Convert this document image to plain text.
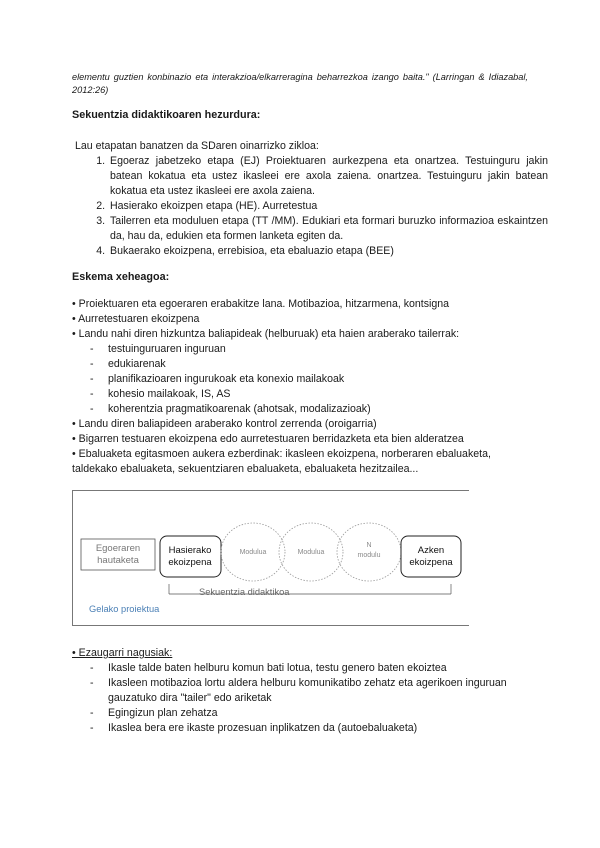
elementu guztien konbinazio eta interakzioa/elkarreragina beharrezkoa izango baita." (Larringan & Idiazabal, 2012:26)
Sekuentzia didaktikoaren hezurdura:
Lau etapatan banatzen da SDaren oinarrizko zikloa:
1. Egoeraz jabetzeko etapa (EJ) Proiektuaren aurkezpena eta onartzea. Testuinguru jakin batean kokatua eta ustez ikasleei ere axola zaiena. onartzea. Testuinguru jakin batean kokatua eta ustez ikasleei ere axola zaiena.
2. Hasierako ekoizpen etapa (HE). Aurretestua
3. Tailerren eta moduluen etapa (TT /MM). Edukiari eta formari buruzko informazioa eskaintzen da, hau da, edukien eta formen lanketa egiten da.
4. Bukaerako ekoizpena, errebisioa, eta ebaluazio etapa (BEE)
Eskema xeheagoa:
• Proiektuaren eta egoeraren erabakitze lana. Motibazioa, hitzarmena, kontsigna
• Aurretestuaren ekoizpena
• Landu nahi diren hizkuntza baliapideak (helburuak) eta haien araberako tailerrak:
- testuinguruaren inguruan
- edukiarenak
- planifikazioaren ingurukoak eta konexio mailakoak
- kohesio mailakoak, IS, AS
- koherentzia pragmatikoarenak (ahotsak, modalizazioak)
• Landu diren baliapideen araberako kontrol zerrenda (oroigarria)
• Bigarren testuaren ekoizpena edo aurretestuaren berridazketa eta bien alderatzea
• Ebaluaketa egitasmoen aukera ezberdinak: ikasleen ekoizpena, norberaren ebaluaketa, taldekako ebaluaketa, sekuentziaren ebaluaketa, ebaluaketa hezitzailea...
Egoeraren
hautaketa
Hasierako
ekoizpena
Modulua	Modulua
N
modulu	Azken
ekoizpena
Sekuentzia didaktikoa
Gelako proiektua
• Ezaugarri nagusiak:
- Ikasle talde baten helburu komun bati lotua, testu genero baten ekoiztea
- Ikasleen motibazioa lortu aldera helburu komunikatibo zehatz eta agerikoen inguruan gauzatuko dira "tailer" edo ariketak
- Egingizun plan zehatza
- Ikaslea bera ere ikaste prozesuan inplikatzen da (autoebaluaketa)
